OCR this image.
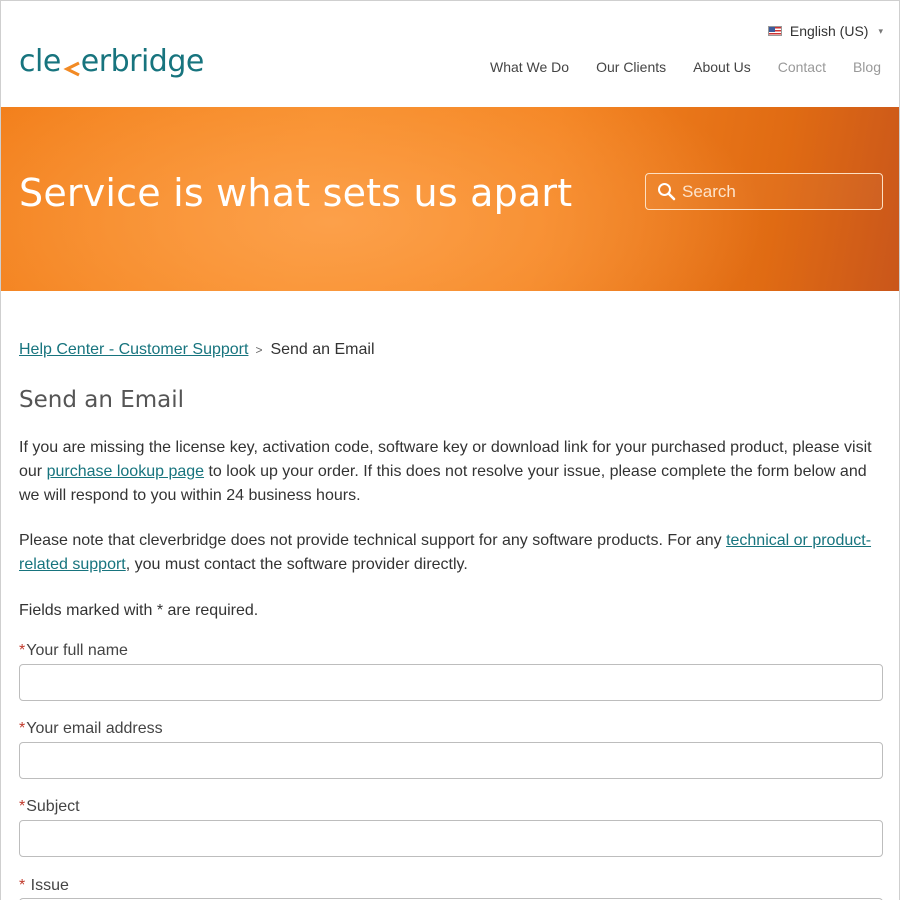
cle erbridge
English (US) ▾
What We Do Our Clients About Us Contact Blog
Service is what sets us apart
Search
Help Center - Customer Support > Send an Email
Send an Email

If you are missing the license key, activation code, software key or download link for your purchased product, please visit our purchase lookup page to look up your order. If this does not resolve your issue, please complete the form below and we will respond to you within 24 business hours.

Please note that cleverbridge does not provide technical support for any software products. For any technical or product-related support, you must contact the software provider directly.

Fields marked with * are required.

*Your full name
*Your email address
*Subject
* Issue
